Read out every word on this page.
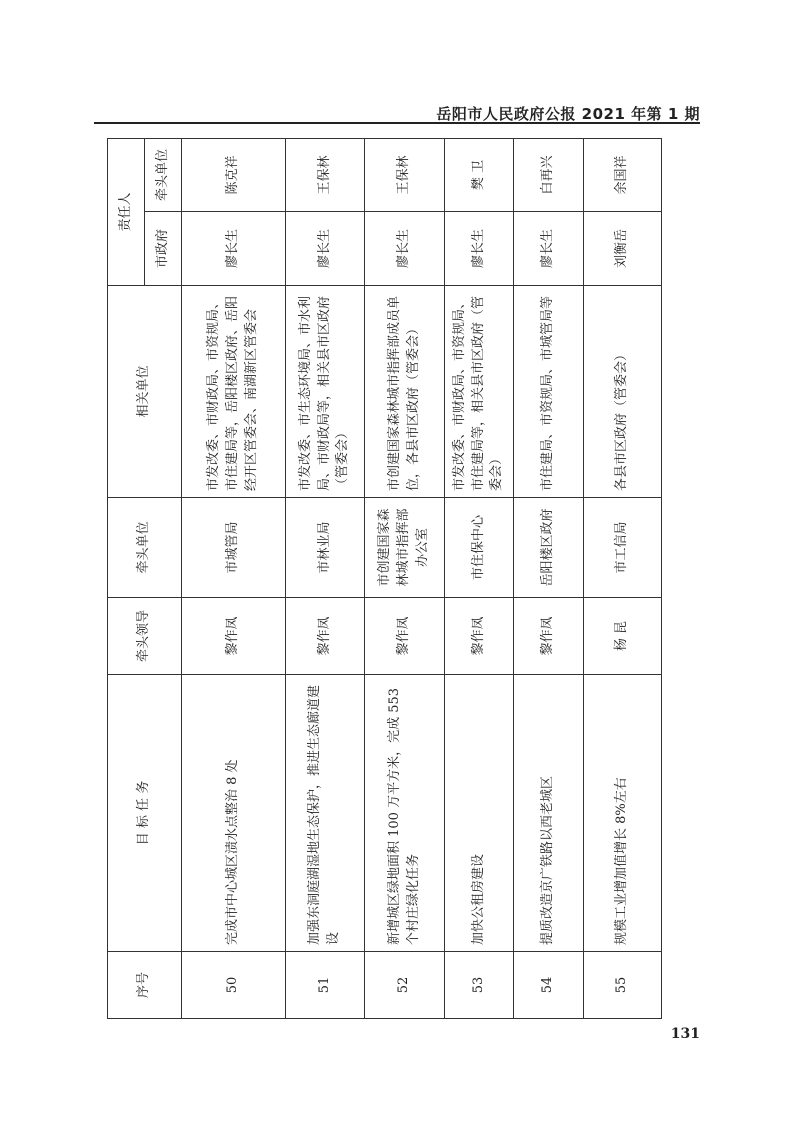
岳阳市人民政府公报 2021 年第 1 期
序号	目 标 任 务	牵头领导	牵头单位	相关单位	责任人	
					市政府	牵头单位
50	完成市中心城区渍水点整治 8 处	黎作凤	市城管局	市发改委、市财政局、市资规局、市住建局等，岳阳楼区政府、岳阳经开区管委会、南湖新区管委会	廖长生	陈克祥
51	加强东洞庭湖湿地生态保护，推进生态廊道建设	黎作凤	市林业局	市发改委、市生态环境局、市水利局、市财政局等，相关县市区政府（管委会）	廖长生	王保林
52	新增城区绿地面积 100 万平方米，完成 553 个村庄绿化任务	黎作凤	市创建国家森林城市指挥部办公室	市创建国家森林城市指挥部成员单位，各县市区政府（管委会）	廖长生	王保林
53	加快公租房建设	黎作凤	市住保中心	市发改委、市财政局、市资规局、市住建局等，相关县市区政府（管委会）	廖长生	樊 卫
54	提质改造京广铁路以西老城区	黎作凤	岳阳楼区政府	市住建局、市资规局、市城管局等	廖长生	白再兴
55	规模工业增加值增长 8%左右	杨 昆	市工信局	各县市区政府（管委会）	刘衡岳	余国祥
131
